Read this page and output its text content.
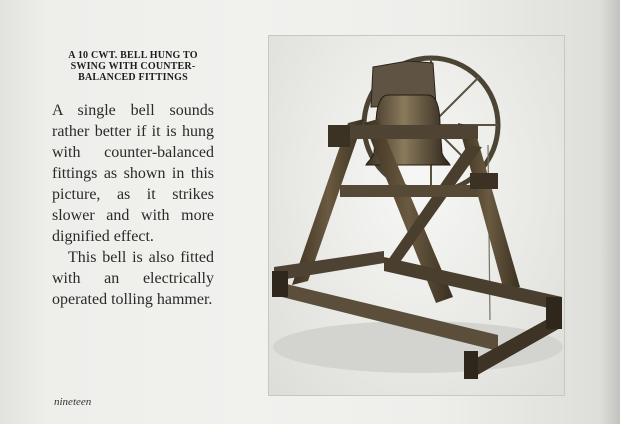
A 10 CWT. BELL HUNG TO
SWING WITH COUNTER-
BALANCED FITTINGS

A single bell sounds rather better if it is hung with counter-balanced fittings as shown in this picture, as it strikes slower and with more dignified effect.

This bell is also fitted with an electrically operated tolling hammer.

nineteen
